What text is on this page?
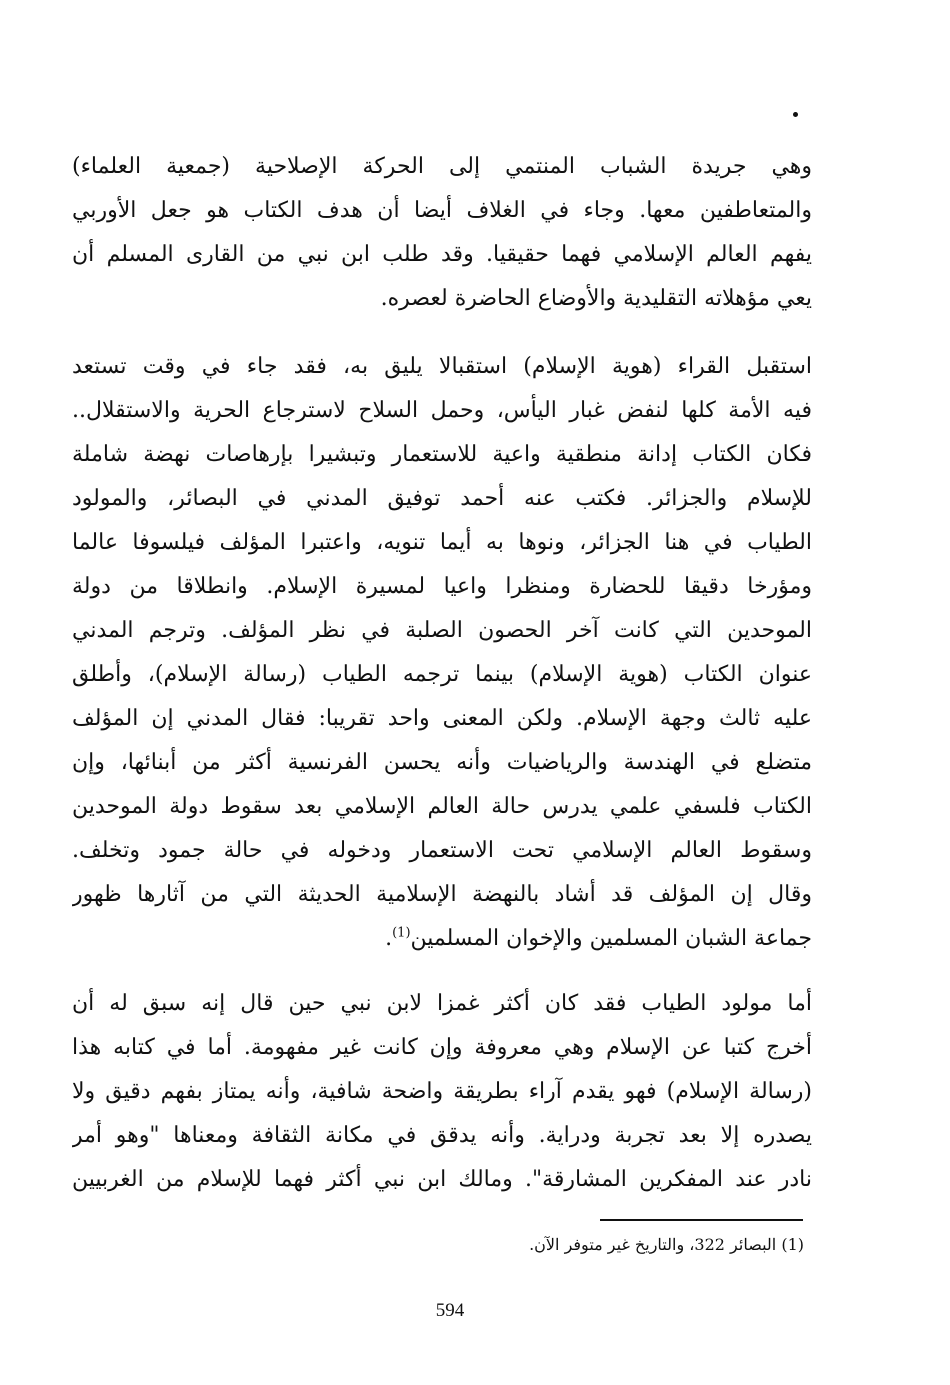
وهي جريدة الشباب المنتمي إلى الحركة الإصلاحية (جمعية العلماء)
والمتعاطفين معها. وجاء في الغلاف أيضا أن هدف الكتاب هو جعل الأوربي
يفهم العالم الإسلامي فهما حقيقيا. وقد طلب ابن نبي من القارى المسلم أن
يعي مؤهلاته التقليدية والأوضاع الحاضرة لعصره.
استقبل القراء (هوية الإسلام) استقبالا يليق به، فقد جاء في وقت تستعد
فيه الأمة كلها لنفض غبار اليأس، وحمل السلاح لاسترجاع الحرية والاستقلال..
فكان الكتاب إدانة منطقية واعية للاستعمار وتبشيرا بإرهاصات نهضة شاملة
للإسلام والجزائر. فكتب عنه أحمد توفيق المدني في البصائر، والمولود
الطياب في هنا الجزائر، ونوها به أيما تنويه، واعتبرا المؤلف فيلسوفا عالما
ومؤرخا دقيقا للحضارة ومنظرا واعيا لمسيرة الإسلام. وانطلاقا من دولة
الموحدين التي كانت آخر الحصون الصلبة في نظر المؤلف. وترجم المدني
عنوان الكتاب (هوية الإسلام) بينما ترجمه الطياب (رسالة الإسلام)، وأطلق
عليه ثالث وجهة الإسلام. ولكن المعنى واحد تقريبا: فقال المدني إن المؤلف
متضلع في الهندسة والرياضيات وأنه يحسن الفرنسية أكثر من أبنائها، وإن
الكتاب فلسفي علمي يدرس حالة العالم الإسلامي بعد سقوط دولة الموحدين
وسقوط العالم الإسلامي تحت الاستعمار ودخوله في حالة جمود وتخلف.
وقال إن المؤلف قد أشاد بالنهضة الإسلامية الحديثة التي من آثارها ظهور
جماعة الشبان المسلمين والإخوان المسلمين$^{(1)}$.
أما مولود الطياب فقد كان أكثر غمزا لابن نبي حين قال إنه سبق له أن
أخرج كتبا عن الإسلام وهي معروفة وإن كانت غير مفهومة. أما في كتابه هذا
(رسالة الإسلام) فهو يقدم آراء بطريقة واضحة شافية، وأنه يمتاز بفهم دقيق ولا
يصدره إلا بعد تجربة ودراية. وأنه يدقق في مكانة الثقافة ومعناها "وهو أمر
نادر عند المفكرين المشارقة". ومالك ابن نبي أكثر فهما للإسلام من الغربيين
(1) البصائر 322، والتاريخ غير متوفر الآن.
594
